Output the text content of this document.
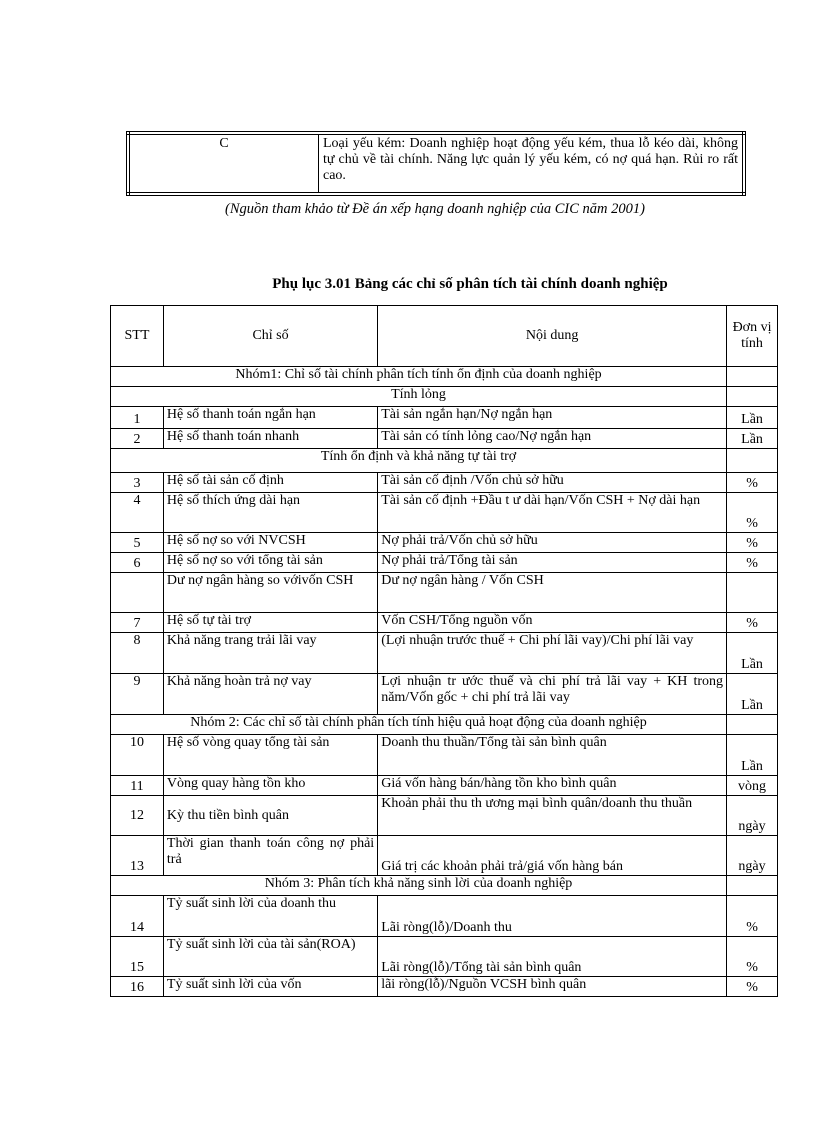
C	Loại yếu kém: Doanh nghiệp hoạt động yếu kém, thua lỗ kéo dài, không tự chủ về tài chính. Năng lực quản lý yếu kém, có nợ quá hạn. Rủi ro rất cao.
(Nguồn tham khảo từ Đề án xếp hạng doanh nghiệp của CIC năm 2001)
Phụ lục 3.01 Bảng các chỉ số phân tích tài chính doanh nghiệp
STT	Chỉ số	Nội dung	Đơn vị tính
Nhóm1: Chỉ số tài chính phân tích tính ổn định của doanh nghiệp			
Tính lỏng			
1	Hệ số thanh toán ngắn hạn	Tài sản ngắn hạn/Nợ ngắn hạn	Lần
2	Hệ số thanh toán nhanh	Tài sản có tính lỏng cao/Nợ ngắn hạn	Lần
Tính ổn định và khả năng tự tài trợ			
3	Hệ số tài sản cố định	Tài sản cố định /Vốn chủ sở hữu	%
4	Hệ số thích ứng dài hạn	Tài sản cố định +Đầu t ư dài hạn/Vốn CSH + Nợ dài hạn	%
5	Hệ số nợ so với NVCSH	Nợ phải trả/Vốn chủ sở hữu	%
6	Hệ số nợ so với tổng tài sản	Nợ phải trả/Tổng tài sản	%
	Dư nợ ngân hàng so vớivốn CSH	Dư nợ ngân hàng / Vốn CSH	
7	Hệ số tự tài trợ	Vốn CSH/Tổng nguồn vốn	%
8	Khả năng trang trải lãi vay	(Lợi nhuận trước thuế + Chi phí lãi vay)/Chi phí lãi vay	Lần
9	Khả năng hoàn trả nợ vay	Lợi nhuận tr ước thuế và chi phí trả lãi vay + KH trong năm/Vốn gốc + chi phí trả lãi vay	Lần
Nhóm 2: Các chỉ số tài chính phân tích tính hiệu quả hoạt động của doanh nghiệp			
10	Hệ số vòng quay tổng tài sản	Doanh thu thuần/Tổng tài sản bình quân	Lần
11	Vòng quay hàng tồn kho	Giá vốn hàng bán/hàng tồn kho bình quân	vòng
12	Kỳ thu tiền bình quân	Khoản phải thu th ương mại bình quân/doanh thu thuần	ngày
13	Thời gian thanh toán công nợ phải trả	Giá trị các khoản phải trả/giá vốn hàng bán	ngày
Nhóm 3: Phân tích khả năng sinh lời của doanh nghiệp			
14	Tỷ suất sinh lời của doanh thu	Lãi ròng(lỗ)/Doanh thu	%
15	Tỷ suất sinh lời của tài sản(ROA)	Lãi ròng(lỗ)/Tổng tài sản bình quân	%
16	Tỷ suất sinh lời của vốn	lãi ròng(lỗ)/Nguồn VCSH bình quân	%
